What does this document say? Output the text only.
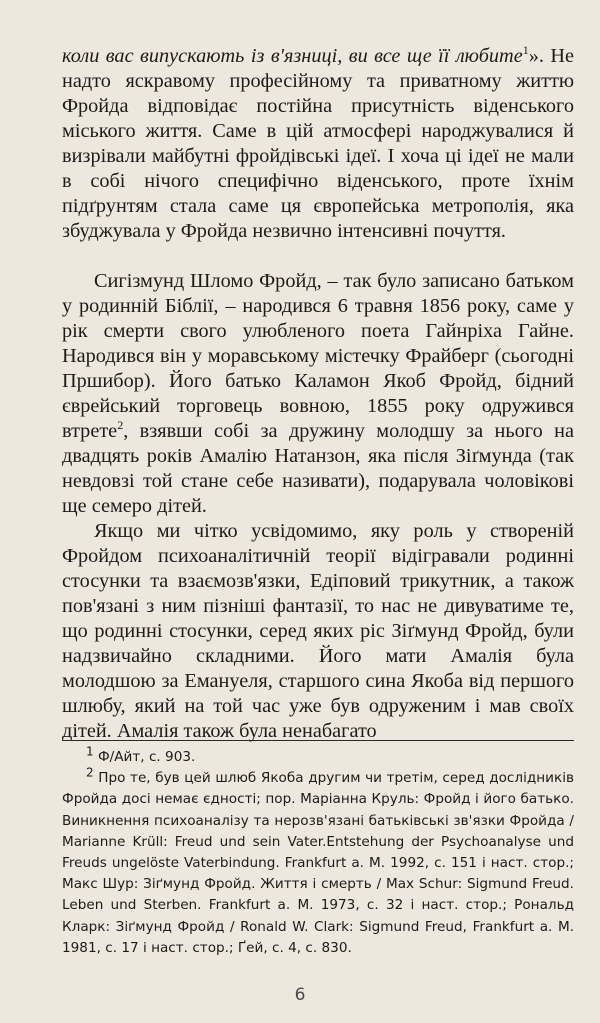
коли вас випускають із в'язниці, ви все ще її любите$^1$». Не надто яскравому професійному та приватному життю Фройда відповідає постійна присутність віденського міського життя. Саме в цій атмосфері народжувалися й визрівали майбутні фройдівські ідеї. І хоча ці ідеї не мали в собі нічого специфічно віденського, проте їхнім підґрунтям стала саме ця європейська метрополія, яка збуджувала у Фройда незвично інтенсивні почуття.

Сигізмунд Шломо Фройд, – так було записано батьком у родинній Біблії, – народився 6 травня 1856 року, саме у рік смерти свого улюбленого поета Гайнріха Гайне. Народився він у моравському містечку Фрайберг (сьогодні Пршибор). Його батько Каламон Якоб Фройд, бідний єврейський торговець вовною, 1855 року одружився втрете$^2$, взявши собі за дружину молодшу за нього на двадцять років Амалію Натанзон, яка після Зіґмунда (так невдовзі той стане себе називати), подарувала чоловікові ще семеро дітей.

Якщо ми чітко усвідомимо, яку роль у створеній Фройдом психоаналітичній теорії відігравали родинні стосунки та взаємозв'язки, Едіповий трикутник, а також пов'язані з ним пізніші фантазії, то нас не дивуватиме те, що родинні стосунки, серед яких ріс Зіґмунд Фройд, були надзвичайно складними. Його мати Амалія була молодшою за Емануеля, старшого сина Якоба від першого шлюбу, який на той час уже був одруженим і мав своїх дітей. Амалія також була ненабагато

$^1$ Ф/Айт, с. 903.

$^2$ Про те, був цей шлюб Якоба другим чи третім, серед дослідників Фройда досі немає єдності; пор. Маріанна Круль: Фройд і його батько. Виникнення психоаналізу та нерозв'язані батьківські зв'язки Фройда / Marianne Krüll: Freud und sein Vater.Entstehung der Psychoanalyse und Freuds ungelöste Vaterbindung. Frankfurt a. M. 1992, с. 151 і наст. стор.; Макс Шур: Зіґмунд Фройд. Життя і смерть / Max Schur: Sigmund Freud. Leben und Sterben. Frankfurt a. M. 1973, с. 32 і наст. стор.; Рональд Кларк: Зіґмунд Фройд / Ronald W. Clark: Sigmund Freud, Frankfurt a. M. 1981, с. 17 і наст. стор.; Ґей, с. 4, с. 830.

6
